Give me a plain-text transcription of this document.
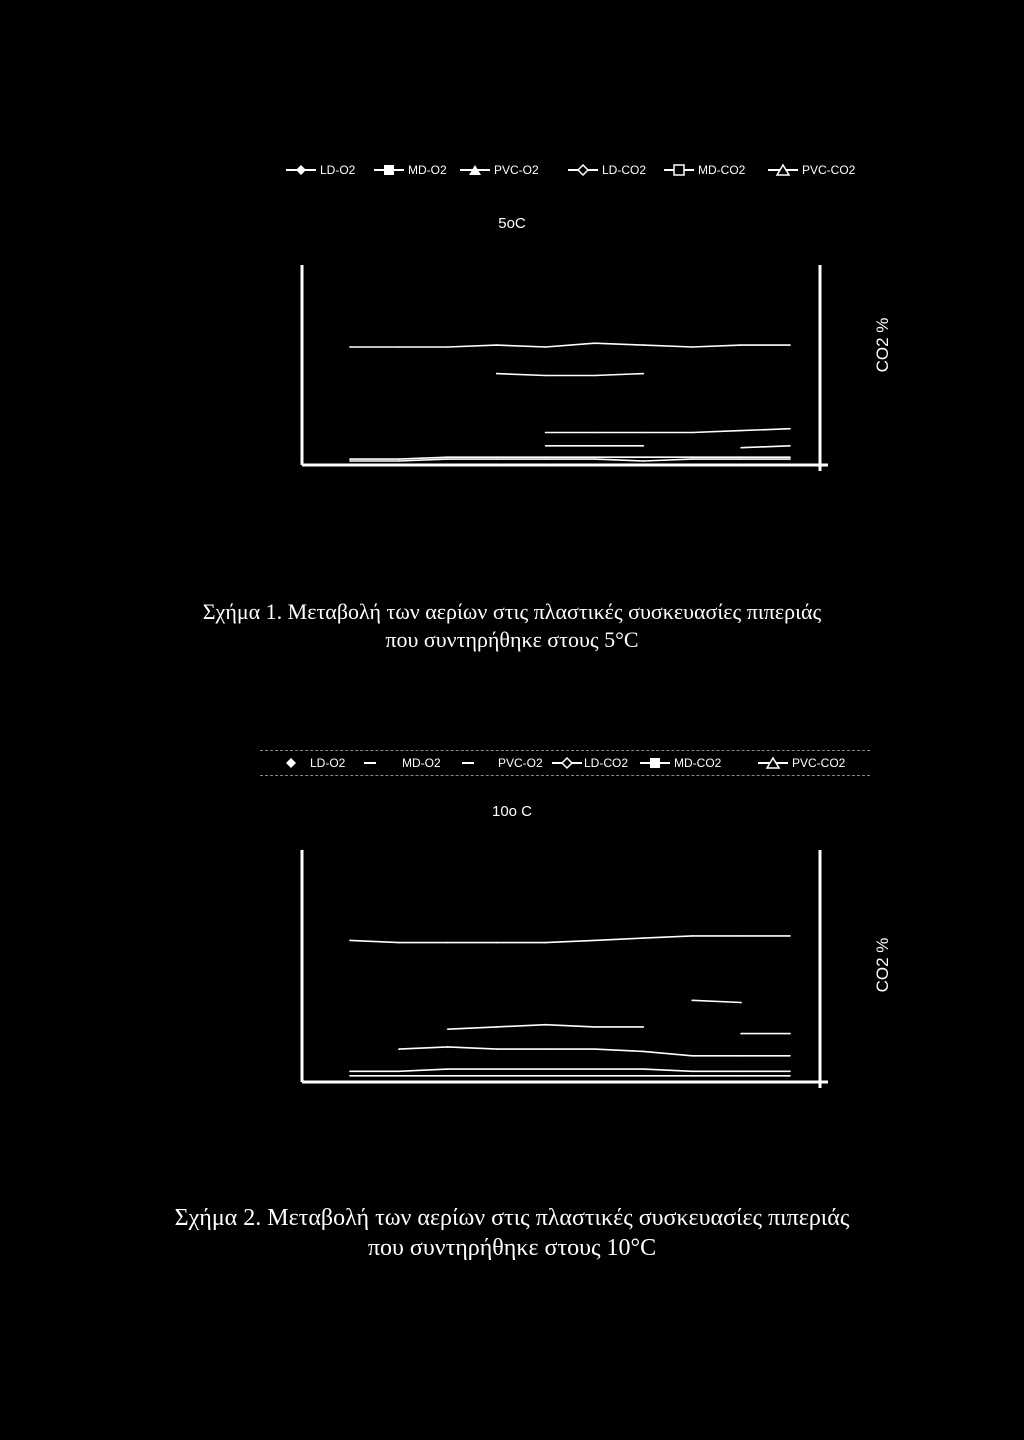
LD-O2	MD-O2	PVC-O2	LD-CO2	MD-CO2	PVC-CO2
5oC
CO2 %
Σχήμα 1. Μεταβολή των αερίων στις πλαστικές συσκευασίες πιπεριάς
που συντηρήθηκε στους 5°C
LD-O2	MD-O2	PVC-O2	LD-CO2	MD-CO2	PVC-CO2
10o C
CO2 %
Σχήμα 2. Μεταβολή των αερίων στις πλαστικές συσκευασίες πιπεριάς
που συντηρήθηκε στους 10°C
